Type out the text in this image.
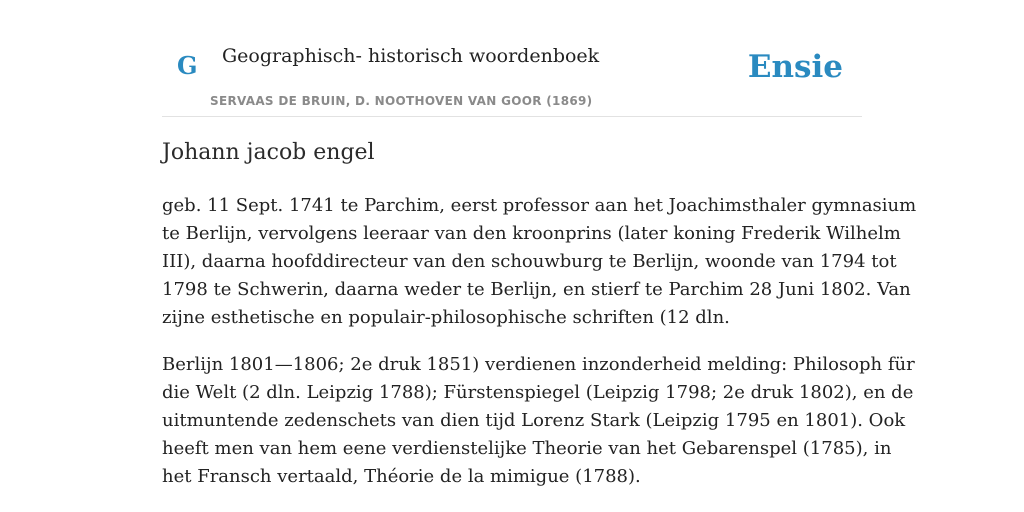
G Geographisch- historisch woordenboek
SERVAAS DE BRUIN, D. NOOTHOVEN VAN GOOR (1869)
Ensie
Johann jacob engel

geb. 11 Sept. 1741 te Parchim, eerst professor aan het Joachimsthaler gymnasium
te Berlijn, vervolgens leeraar van den kroonprins (later koning Frederik Wilhelm
III), daarna hoofddirecteur van den schouwburg te Berlijn, woonde van 1794 tot
1798 te Schwerin, daarna weder te Berlijn, en stierf te Parchim 28 Juni 1802. Van
zijne esthetische en populair-philosophische schriften (12 dln.

Berlijn 1801—1806; 2e druk 1851) verdienen inzonderheid melding: Philosoph für
die Welt (2 dln. Leipzig 1788); Fürstenspiegel (Leipzig 1798; 2e druk 1802), en de
uitmuntende zedenschets van dien tijd Lorenz Stark (Leipzig 1795 en 1801). Ook
heeft men van hem eene verdienstelijke Theorie van het Gebarenspel (1785), in
het Fransch vertaald, Théorie de la mimigue (1788).
